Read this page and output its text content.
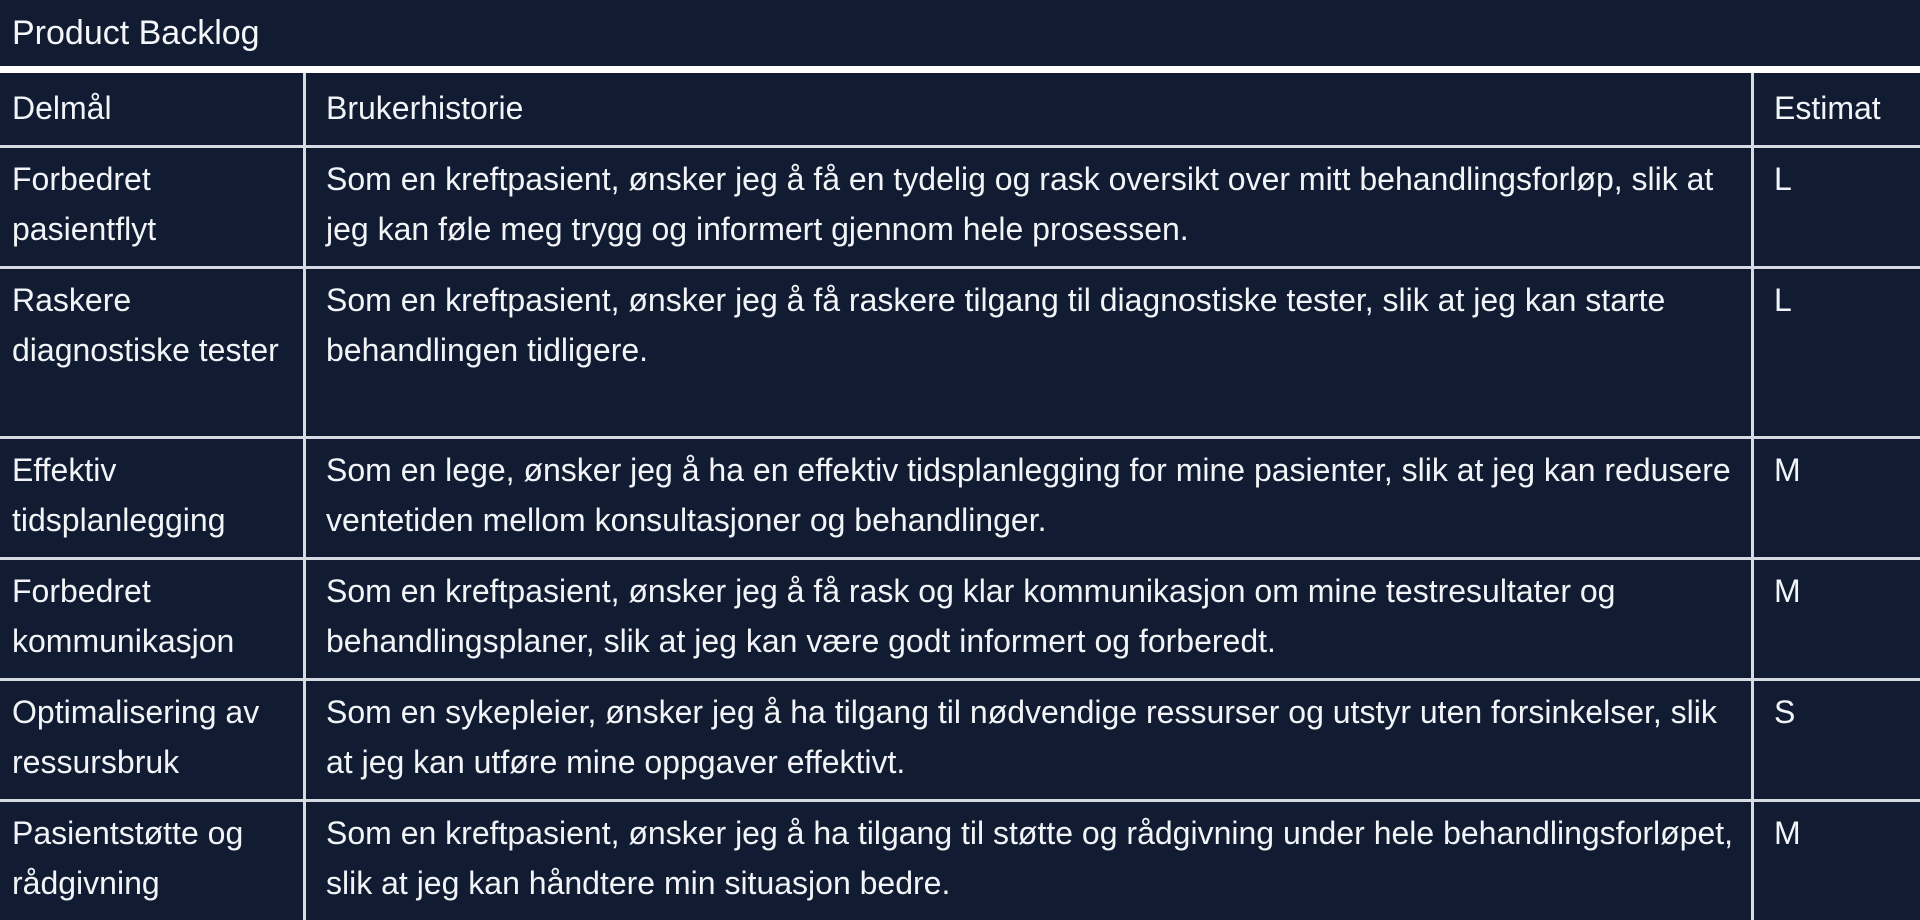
Product Backlog
Delmål	Brukerhistorie	Estimat
Forbedret pasientflyt	Som en kreftpasient, ønsker jeg å få en tydelig og rask oversikt over mitt behandlingsforløp, slik at jeg kan føle meg trygg og informert gjennom hele prosessen.	L
Raskere diagnostiske tester	Som en kreftpasient, ønsker jeg å få raskere tilgang til diagnostiske tester, slik at jeg kan starte behandlingen tidligere.	L
Effektiv tidsplanlegging	Som en lege, ønsker jeg å ha en effektiv tidsplanlegging for mine pasienter, slik at jeg kan redusere ventetiden mellom konsultasjoner og behandlinger.	M
Forbedret kommunikasjon	Som en kreftpasient, ønsker jeg å få rask og klar kommunikasjon om mine testresultater og behandlingsplaner, slik at jeg kan være godt informert og forberedt.	M
Optimalisering av ressursbruk	Som en sykepleier, ønsker jeg å ha tilgang til nødvendige ressurser og utstyr uten forsinkelser, slik at jeg kan utføre mine oppgaver effektivt.	S
Pasientstøtte og rådgivning	Som en kreftpasient, ønsker jeg å ha tilgang til støtte og rådgivning under hele behandlingsforløpet, slik at jeg kan håndtere min situasjon bedre.	M
